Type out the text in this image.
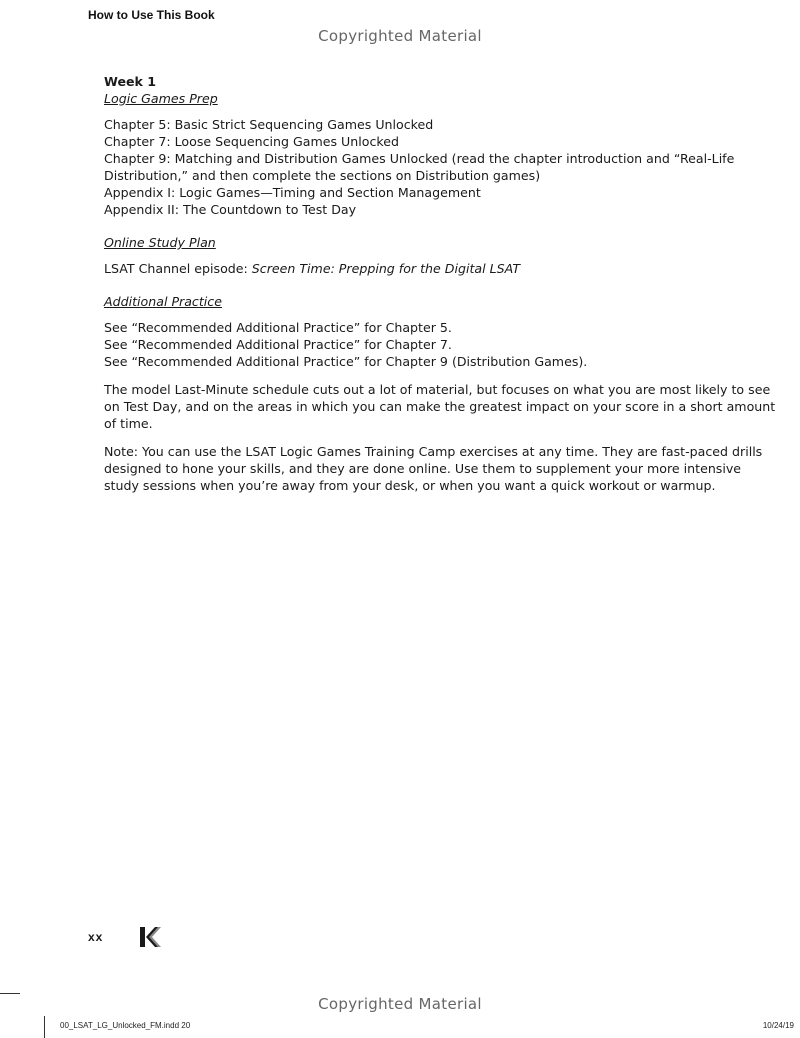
How to Use This Book
Copyrighted Material

Week 1

Logic Games Prep

Chapter 5: Basic Strict Sequencing Games Unlocked

Chapter 7: Loose Sequencing Games Unlocked

Chapter 9: Matching and Distribution Games Unlocked (read the chapter introduction and “Real-Life Distribution,” and then complete the sections on Distribution games)

Appendix I: Logic Games—Timing and Section Management

Appendix II: The Countdown to Test Day

Online Study Plan

LSAT Channel episode: Screen Time: Prepping for the Digital LSAT

Additional Practice

See “Recommended Additional Practice” for Chapter 5.

See “Recommended Additional Practice” for Chapter 7.

See “Recommended Additional Practice” for Chapter 9 (Distribution Games).

The model Last-Minute schedule cuts out a lot of material, but focuses on what you are most likely to see on Test Day, and on the areas in which you can make the greatest impact on your score in a short amount of time.

Note: You can use the LSAT Logic Games Training Camp exercises at any time. They are fast-paced drills designed to hone your skills, and they are done online. Use them to supplement your more intensive study sessions when you’re away from your desk, or when you want a quick workout or warmup.

xx
Copyrighted Material
00_LSAT_LG_Unlocked_FM.indd 20	10/24/19
